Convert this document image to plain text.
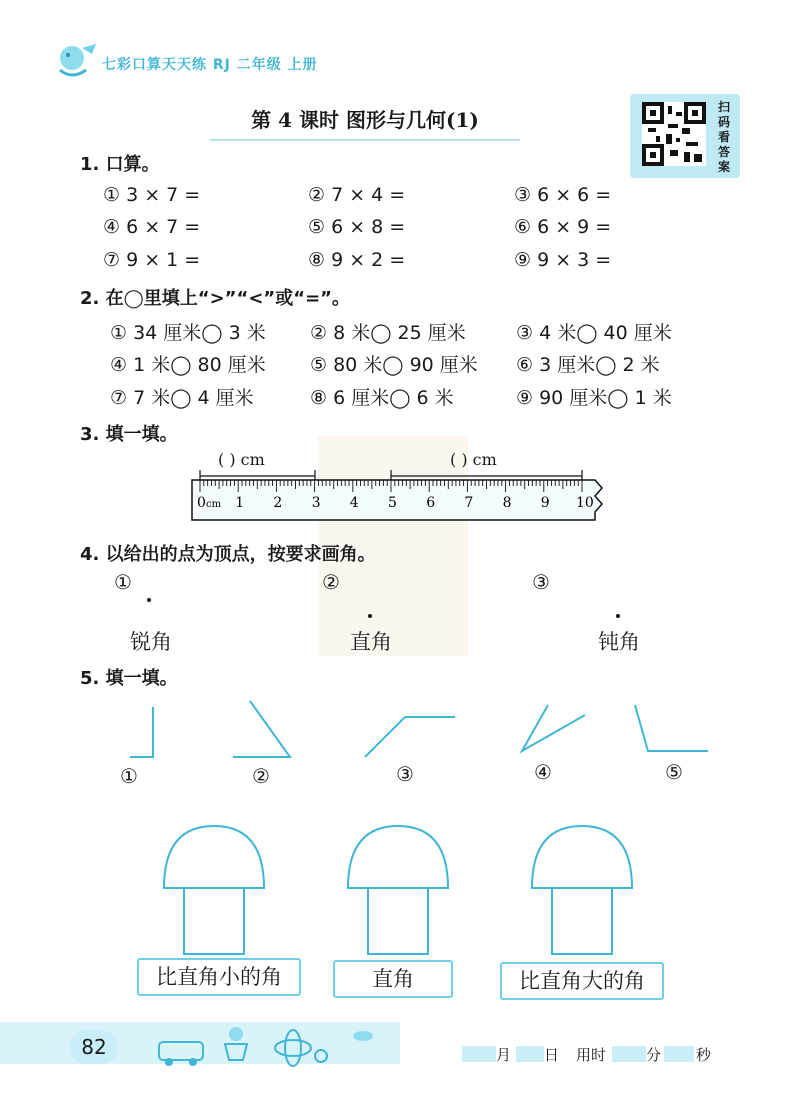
七彩口算天天练 RJ 二年级 上册
第 4 课时 图形与几何(1)
扫码看答案
1. 口算。
① 3 × 7 =	② 7 × 4 =	③ 6 × 6 =
④ 6 × 7 =	⑤ 6 × 8 =	⑥ 6 × 9 =
⑦ 9 × 1 =	⑧ 9 × 2 =	⑨ 9 × 3 =
2. 在◯里填上“>”“<”或“=”。
① 34 厘米◯ 3 米 ② 8 米◯ 25 厘米	③ 4 米◯ 40 厘米
④ 1 米◯ 80 厘米 ⑤ 80 米◯ 90 厘米 ⑥ 3 厘米◯ 2 米
⑦ 7 米◯ 4 厘米	⑧ 6 厘米◯ 6 米	⑨ 90 厘米◯ 1 米
3. 填一填。
( ) cm	( ) cm
0 1 2 3 4 5 6 7 8 9 10
cm
4. 以给出的点为顶点，按要求画角。
①	②	③
锐角	直角	钝角
5. 填一填。
①	②	③	④	⑤
比直角小的角	直角	比直角大的角
82	月 日 用时	分 秒
